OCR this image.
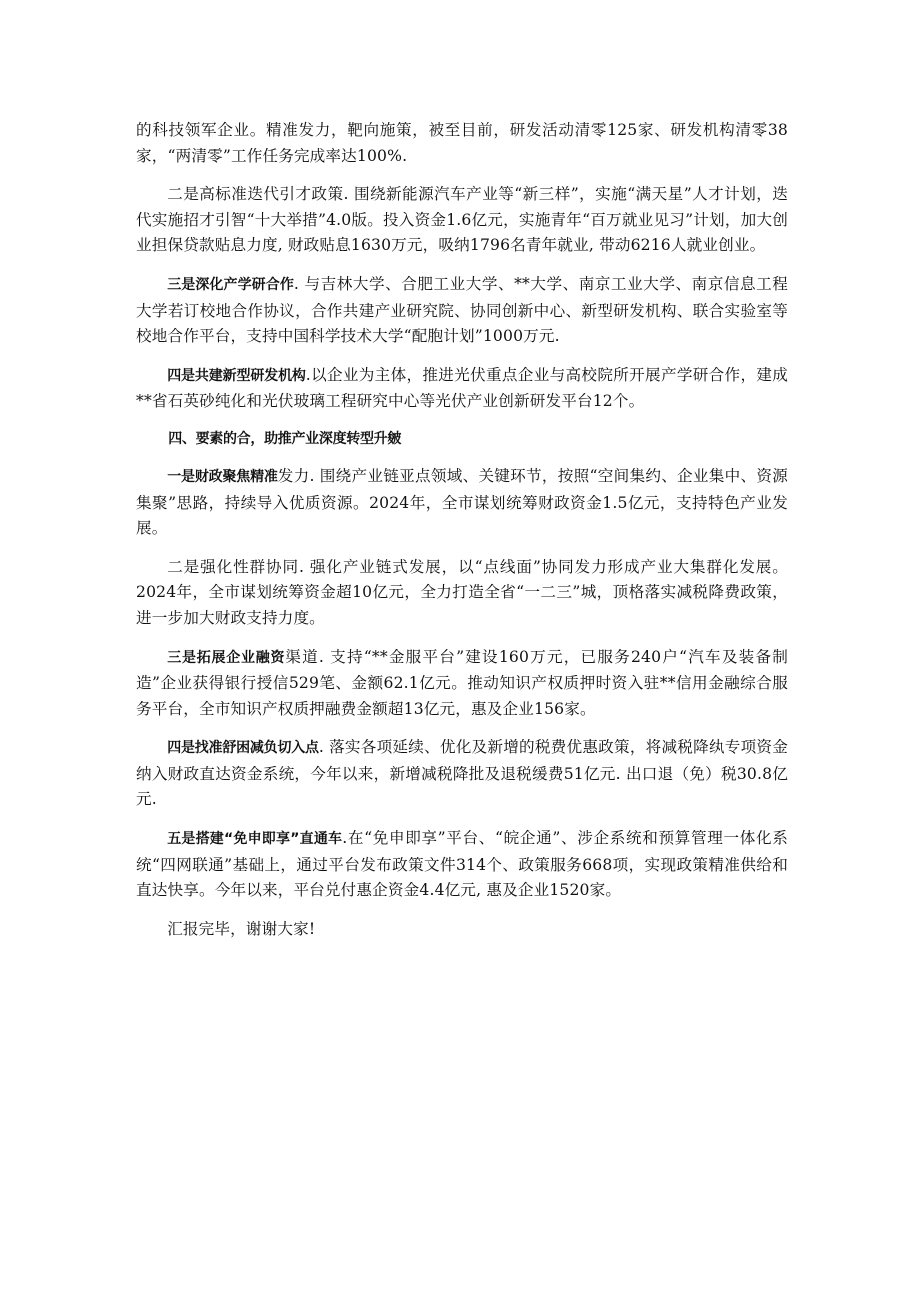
的科技领军企业。精准发力，靶向施策，被至目前，研发活动清零125家、研发机构清零38家，“两清零”工作任务完成率达100%.

二是高标准迭代引才政策. 围绕新能源汽车产业等“新三样”，实施“满天星”人才计划，迭代实施招才引智“十大举措”4.0版。投入资金1.6亿元，实施青年“百万就业见习”计划，加大创业担保贷款贴息力度, 财政贴息1630万元，吸纳1796名青年就业, 带动6216人就业创业。

三是深化产学研合作. 与吉林大学、合肥工业大学、**大学、南京工业大学、南京信息工程大学若订校地合作协议，合作共建产业研究院、协同创新中心、新型研发机构、联合实验室等校地合作平台，支持中国科学技术大学“配胞计划”1000万元.

四是共建新型研发机构.以企业为主体，推进光伏重点企业与高校院所开展产学研合作，建成**省石英砂纯化和光伏玻璃工程研究中心等光伏产业创新研发平台12个。

四、要素的合，助推产业深度转型升皴

一是财政聚焦精准发力. 围绕产业链亚点领域、关键环节，按照“空间集约、企业集中、资源集聚”思路，持续导入优质资源。2024年，全市谋划统筹财政资金1.5亿元，支持特色产业发展。

二是强化性群协同. 强化产业链式发展，以“点线面”协同发力形成产业大集群化发展。2024年，全市谋划统筹资金超10亿元，全力打造全省“一二三”城，顶格落实减税降费政策，进一步加大财政支持力度。

三是拓展企业融资渠道. 支持“**金服平台”建设160万元，已服务240户“汽车及装备制造”企业获得银行授信529笔、金额62.1亿元。推动知识产权质押时资入驻**信用金融综合服务平台，全市知识产权质押融费金额超13亿元，惠及企业156家。

四是找准舒困减负切入点. 落实各项延续、优化及新增的税费优惠政策，将减税降纨专项资金纳入财政直达资金系统，今年以来，新增减税降批及退税缓费51亿元. 出口退（免）税30.8亿元.

五是搭建“免申即享”直通车.在“免申即享”平台、“皖企通”、涉企系统和预算管理一体化系统“四网联通”基础上，通过平台发布政策文件314个、政策服务668项，实现政策精准供给和直达快享。今年以来，平台兑付惠企资金4.4亿元, 惠及企业1520家。

汇报完毕，谢谢大家!
